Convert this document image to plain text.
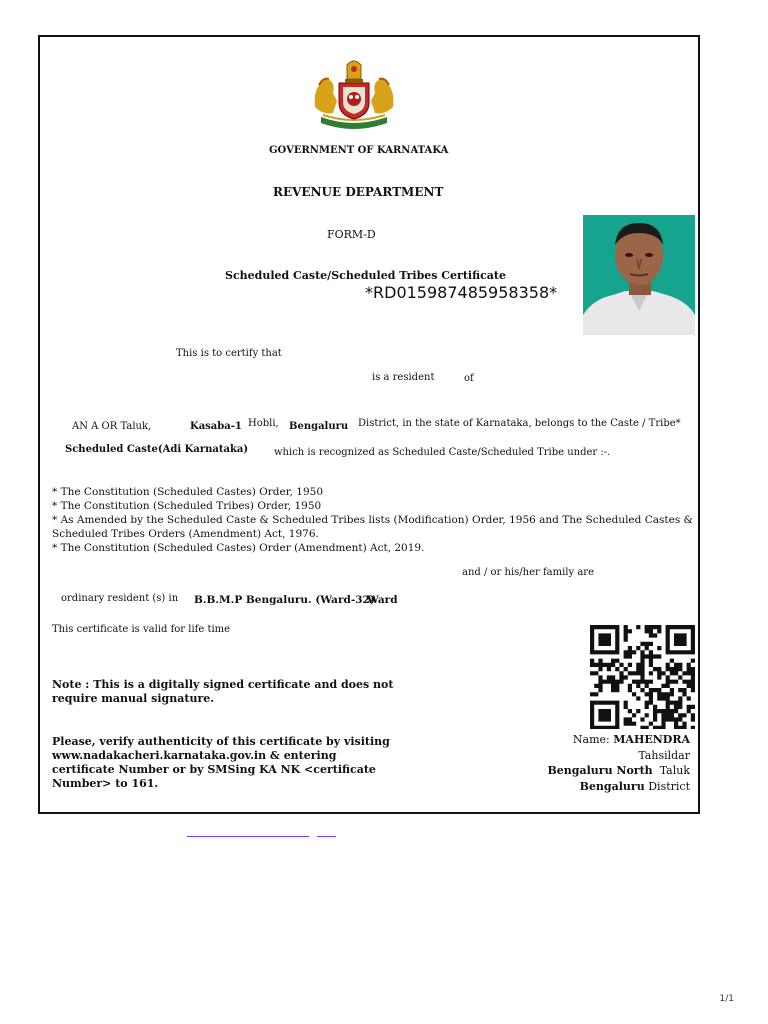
GOVERNMENT OF KARNATAKA
REVENUE DEPARTMENT
FORM-D
Scheduled Caste/Scheduled Tribes Certificate
*RD015987485958358*
This is to certify that
is a resident	of
AN A OR Taluk,	Kasaba-1 Hobli, Bengaluru District, in the state of Karnataka, belongs to the Caste / Tribe*
Scheduled Caste(Adi Karnataka)	which is recognized as Scheduled Caste/Scheduled Tribe under :-.
* The Constitution (Scheduled Castes) Order, 1950
* The Constitution (Scheduled Tribes) Order, 1950
* As Amended by the Scheduled Caste & Scheduled Tribes lists (Modification) Order, 1956 and The Scheduled Castes &
Scheduled Tribes Orders (Amendment) Act, 1976.
* The Constitution (Scheduled Castes) Order (Amendment) Act, 2019.
and / or his/her family are
ordinary resident (s) in B.B.M.P Bengaluru. (Ward-32)
Ward
This certificate is valid for life time
Note : This is a digitally signed certificate and does not
require manual signature.
Please, verify authenticity of this certificate by visiting
www.nadakacheri.karnataka.gov.in & entering
certificate Number or by SMSing KA NK <certificate
Number> to 161.
Name: MAHENDRA
Tahsildar
Bengaluru North Taluk
Bengaluru District
1/1
